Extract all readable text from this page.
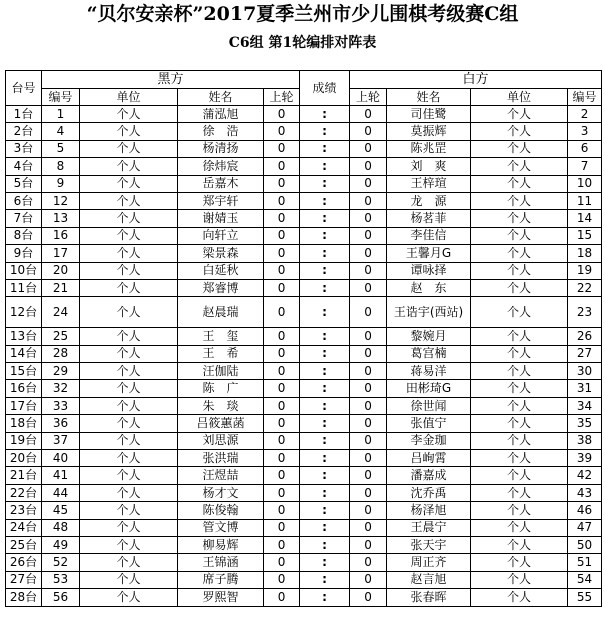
“贝尔安亲杯”2017夏季兰州市少儿围棋考级赛C组
C6组 第1轮编排对阵表
台号	黑方				成绩	白方			
	编号	单位	姓名	上轮		上轮	姓名	单位	编号
1台	1	个人	蒲泓旭	0	:	0	司佳鹭	个人	2
2台	4	个人	徐　浩	0	:	0	莫振辉	个人	3
3台	5	个人	杨清扬	0	:	0	陈兆罡	个人	6
4台	8	个人	徐炜宸	0	:	0	刘　爽	个人	7
5台	9	个人	岳嘉木	0	:	0	王梓瑄	个人	10
6台	12	个人	郑宇轩	0	:	0	龙　源	个人	11
7台	13	个人	谢婧玉	0	:	0	杨茗菲	个人	14
8台	16	个人	向轩立	0	:	0	李佳信	个人	15
9台	17	个人	梁景森	0	:	0	王馨月G	个人	18
10台	20	个人	白延秋	0	:	0	谭咏择	个人	19
11台	21	个人	郑睿博	0	:	0	赵　东	个人	22
12台	24	个人	赵晨瑞	0	:	0	王诰宇(西站)	个人	23
13台	25	个人	王　玺	0	:	0	黎婉月	个人	26
14台	28	个人	王　希	0	:	0	葛宫楠	个人	27
15台	29	个人	汪伽陆	0	:	0	蒋易洋	个人	30
16台	32	个人	陈　广	0	:	0	田彬琦G	个人	31
17台	33	个人	朱　琰	0	:	0	徐世闻	个人	34
18台	36	个人	吕筱蕙菡	0	:	0	张值宁	个人	35
19台	37	个人	刘思源	0	:	0	李金珈	个人	38
20台	40	个人	张洪瑞	0	:	0	吕峋霄	个人	39
21台	41	个人	汪煜喆	0	:	0	潘嘉成	个人	42
22台	44	个人	杨才文	0	:	0	沈乔禹	个人	43
23台	45	个人	陈俊翰	0	:	0	杨泽旭	个人	46
24台	48	个人	管文博	0	:	0	王晨宁	个人	47
25台	49	个人	柳易辉	0	:	0	张天宇	个人	50
26台	52	个人	王锦涵	0	:	0	周正齐	个人	51
27台	53	个人	席子腾	0	:	0	赵言旭	个人	54
28台	56	个人	罗熙智	0	:	0	张春晖	个人	55
